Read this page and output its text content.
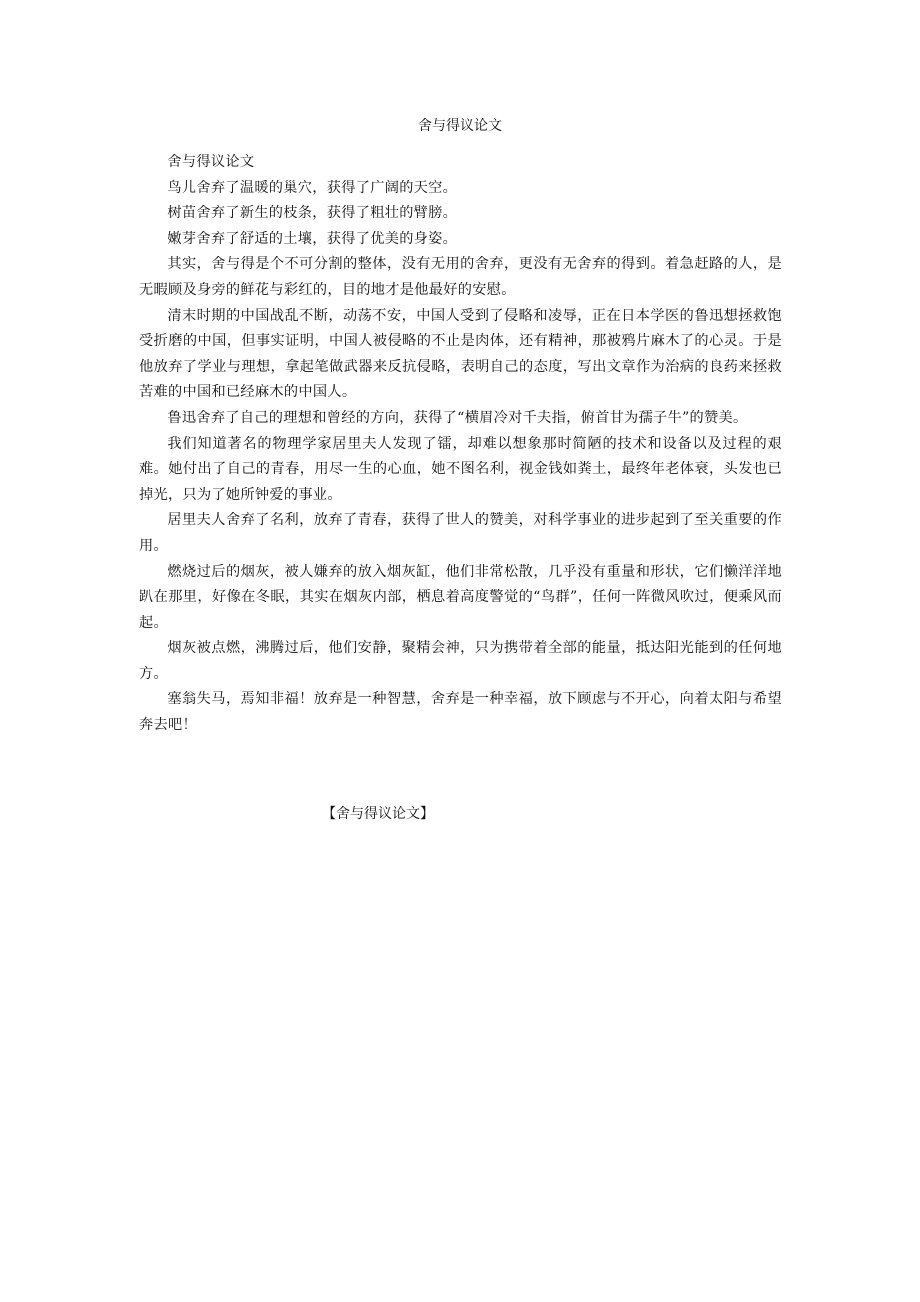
舍与得议论文

舍与得议论文

鸟儿舍弃了温暖的巢穴，获得了广阔的天空。

树苗舍弃了新生的枝条，获得了粗壮的臂膀。

嫩芽舍弃了舒适的土壤，获得了优美的身姿。

其实，舍与得是个不可分割的整体，没有无用的舍弃，更没有无舍弃的得到。着急赶路的人，是无暇顾及身旁的鲜花与彩红的，目的地才是他最好的安慰。

清末时期的中国战乱不断，动荡不安，中国人受到了侵略和凌辱，正在日本学医的鲁迅想拯救饱受折磨的中国，但事实证明，中国人被侵略的不止是肉体，还有精神，那被鸦片麻木了的心灵。于是他放弃了学业与理想，拿起笔做武器来反抗侵略，表明自己的态度，写出文章作为治病的良药来拯救苦难的中国和已经麻木的中国人。

鲁迅舍弃了自己的理想和曾经的方向，获得了“横眉冷对千夫指，俯首甘为孺子牛”的赞美。

我们知道著名的物理学家居里夫人发现了镭，却难以想象那时简陋的技术和设备以及过程的艰难。她付出了自己的青春，用尽一生的心血，她不图名利，视金钱如粪土，最终年老体衰，头发也已掉光，只为了她所钟爱的事业。

居里夫人舍弃了名利，放弃了青春，获得了世人的赞美，对科学事业的进步起到了至关重要的作用。

燃烧过后的烟灰，被人嫌弃的放入烟灰缸，他们非常松散，几乎没有重量和形状，它们懒洋洋地趴在那里，好像在冬眠，其实在烟灰内部，栖息着高度警觉的“鸟群”，任何一阵微风吹过，便乘风而起。

烟灰被点燃，沸腾过后，他们安静，聚精会神，只为携带着全部的能量，抵达阳光能到的任何地方。

塞翁失马，焉知非福！放弃是一种智慧，舍弃是一种幸福，放下顾虑与不开心，向着太阳与希望奔去吧！

【舍与得议论文】
